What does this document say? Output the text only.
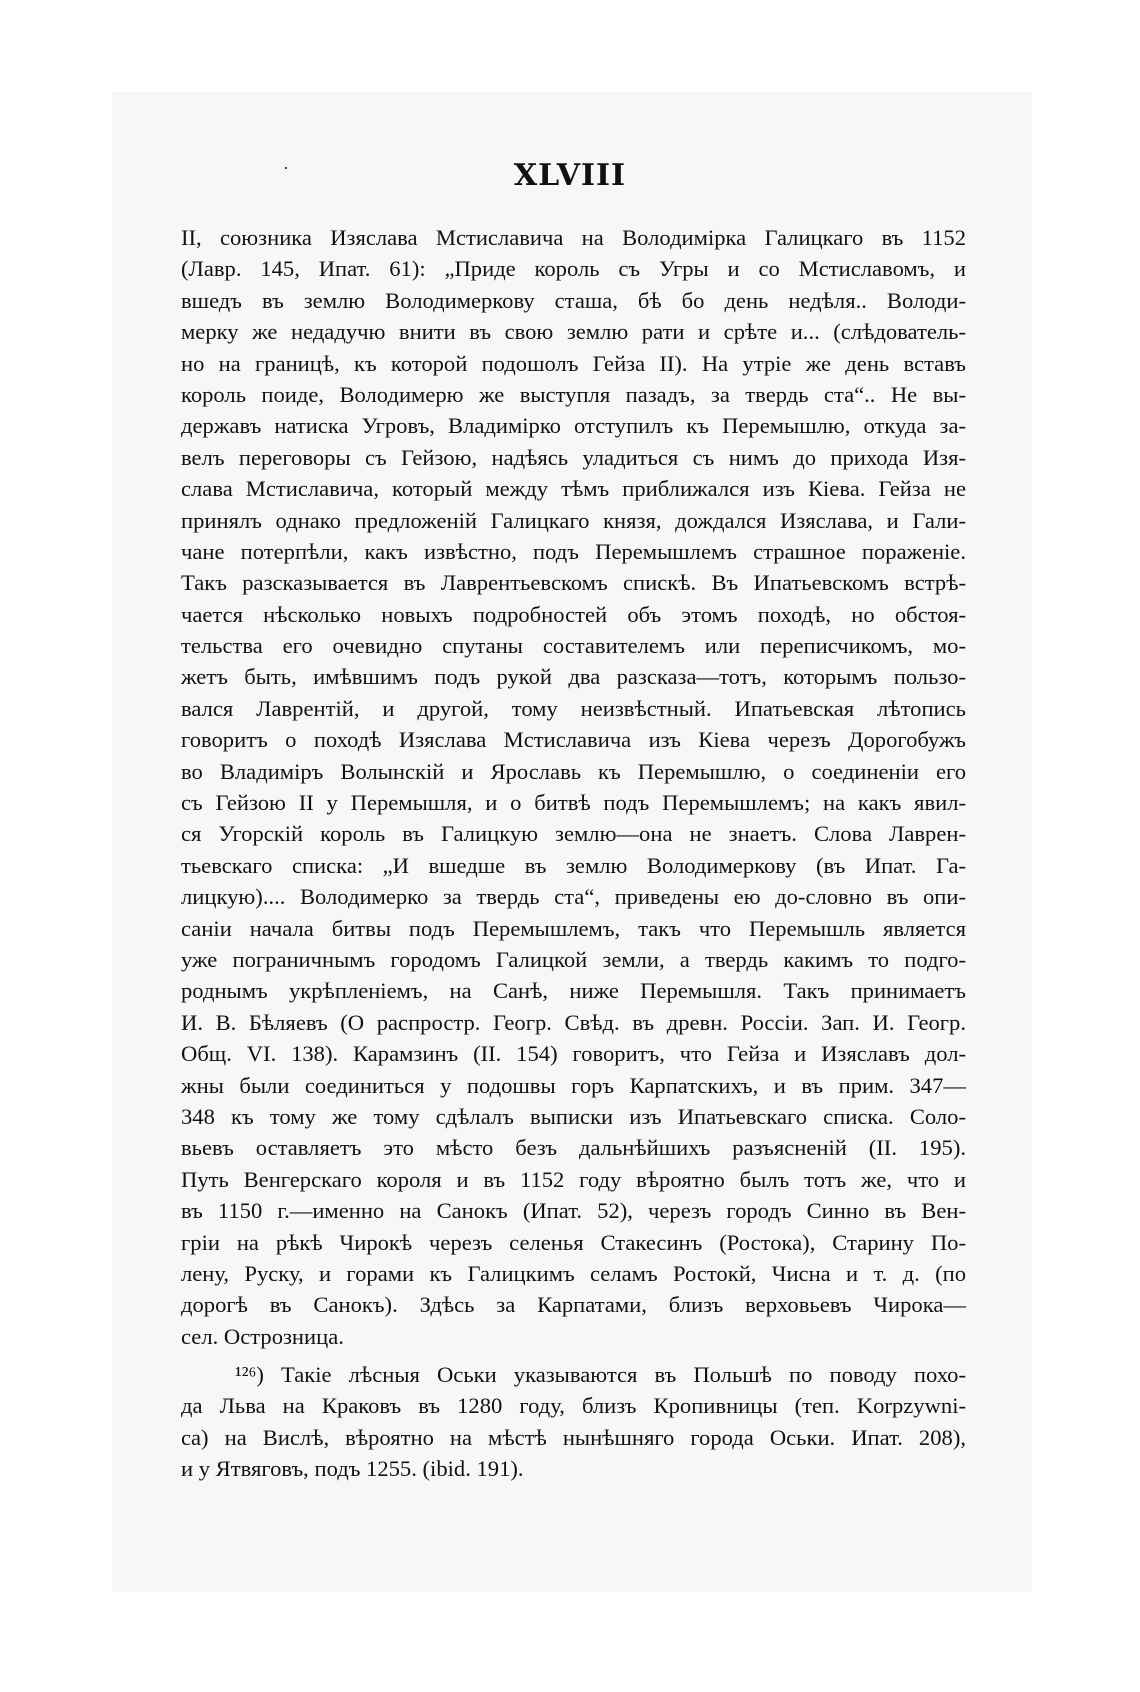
XLVIII
II, союзника Изяслава Мстиславича на Володимірка Галицкаго въ 1152
(Лавр. 145, Ипат. 61): „Приде король съ Угры и со Мстиславомъ, и
вшедъ въ землю Володимеркову сташа, бѣ бо день недѣля.. Володи-
мерку же недадучю внити въ свою землю рати и срѣте и... (слѣдователь-
но на границѣ, къ которой подошолъ Гейза II). На утріе же день вставъ
король поиде, Володимерю же выступля пазадъ, за твердь ста“.. Не вы-
державъ натиска Угровъ, Владимірко отступилъ къ Перемышлю, откуда за-
велъ переговоры съ Гейзою, надѣясь уладиться съ нимъ до прихода Изя-
слава Мстиславича, который между тѣмъ приближался изъ Кіева. Гейза не
принялъ однако предложеній Галицкаго князя, дождался Изяслава, и Гали-
чане потерпѣли, какъ извѣстно, подъ Перемышлемъ страшное пораженіе.
Такъ разсказывается въ Лаврентьевскомъ спискѣ. Въ Ипатьевскомъ встрѣ-
чается нѣсколько новыхъ подробностей объ этомъ походѣ, но обстоя-
тельства его очевидно спутаны составителемъ или переписчикомъ, мо-
жетъ быть, имѣвшимъ подъ рукой два разсказа—тотъ, которымъ пользо-
вался Лаврентій, и другой, тому неизвѣстный. Ипатьевская лѣтопись
говоритъ о походѣ Изяслава Мстиславича изъ Кіева черезъ Дорогобужъ
во Владиміръ Волынскій и Ярославь къ Перемышлю, о соединеніи его
съ Гейзою II у Перемышля, и о битвѣ подъ Перемышлемъ; на какъ явил-
ся Угорскій король въ Галицкую землю—она не знаетъ. Слова Лаврен-
тьевскаго списка: „И вшедше въ землю Володимеркову (въ Ипат. Га-
лицкую).... Володимерко за твердь ста“, приведены ею до-словно въ опи-
саніи начала битвы подъ Перемышлемъ, такъ что Перемышль является
уже пограничнымъ городомъ Галицкой земли, а твердь какимъ то подго-
роднымъ укрѣпленіемъ, на Санѣ, ниже Перемышля. Такъ принимаетъ
И. В. Бѣляевъ (О распростр. Геогр. Свѣд. въ древн. Россіи. Зап. И. Геогр.
Общ. VI. 138). Карамзинъ (II. 154) говоритъ, что Гейза и Изяславъ дол-
жны были соединиться у подошвы горъ Карпатскихъ, и въ прим. 347—
348 къ тому же тому сдѣлалъ выписки изъ Ипатьевскаго списка. Соло-
вьевъ оставляетъ это мѣсто безъ дальнѣйшихъ разъясненій (II. 195).
Путь Венгерскаго короля и въ 1152 году вѣроятно былъ тотъ же, что и
въ 1150 г.—именно на Санокъ (Ипат. 52), черезъ городъ Синно въ Вен-
гріи на рѣкѣ Чирокѣ черезъ селенья Стакесинъ (Ростока), Старину По-
лену, Руску, и горами къ Галицкимъ селамъ Ростокй, Чисна и т. д. (по
дорогѣ въ Санокъ). Здѣсь за Карпатами, близъ верховьевъ Чирока—
сел. Острозница.
¹²⁶) Такіе лѣсныя Оськи указываются въ Польшѣ по поводу похо-
да Льва на Краковъ въ 1280 году, близъ Кропивницы (теп. Korpzywni-
ca) на Вислѣ, вѣроятно на мѣстѣ нынѣшняго города Оськи. Ипат. 208),
и у Ятвяговъ, подъ 1255. (ibid. 191).
